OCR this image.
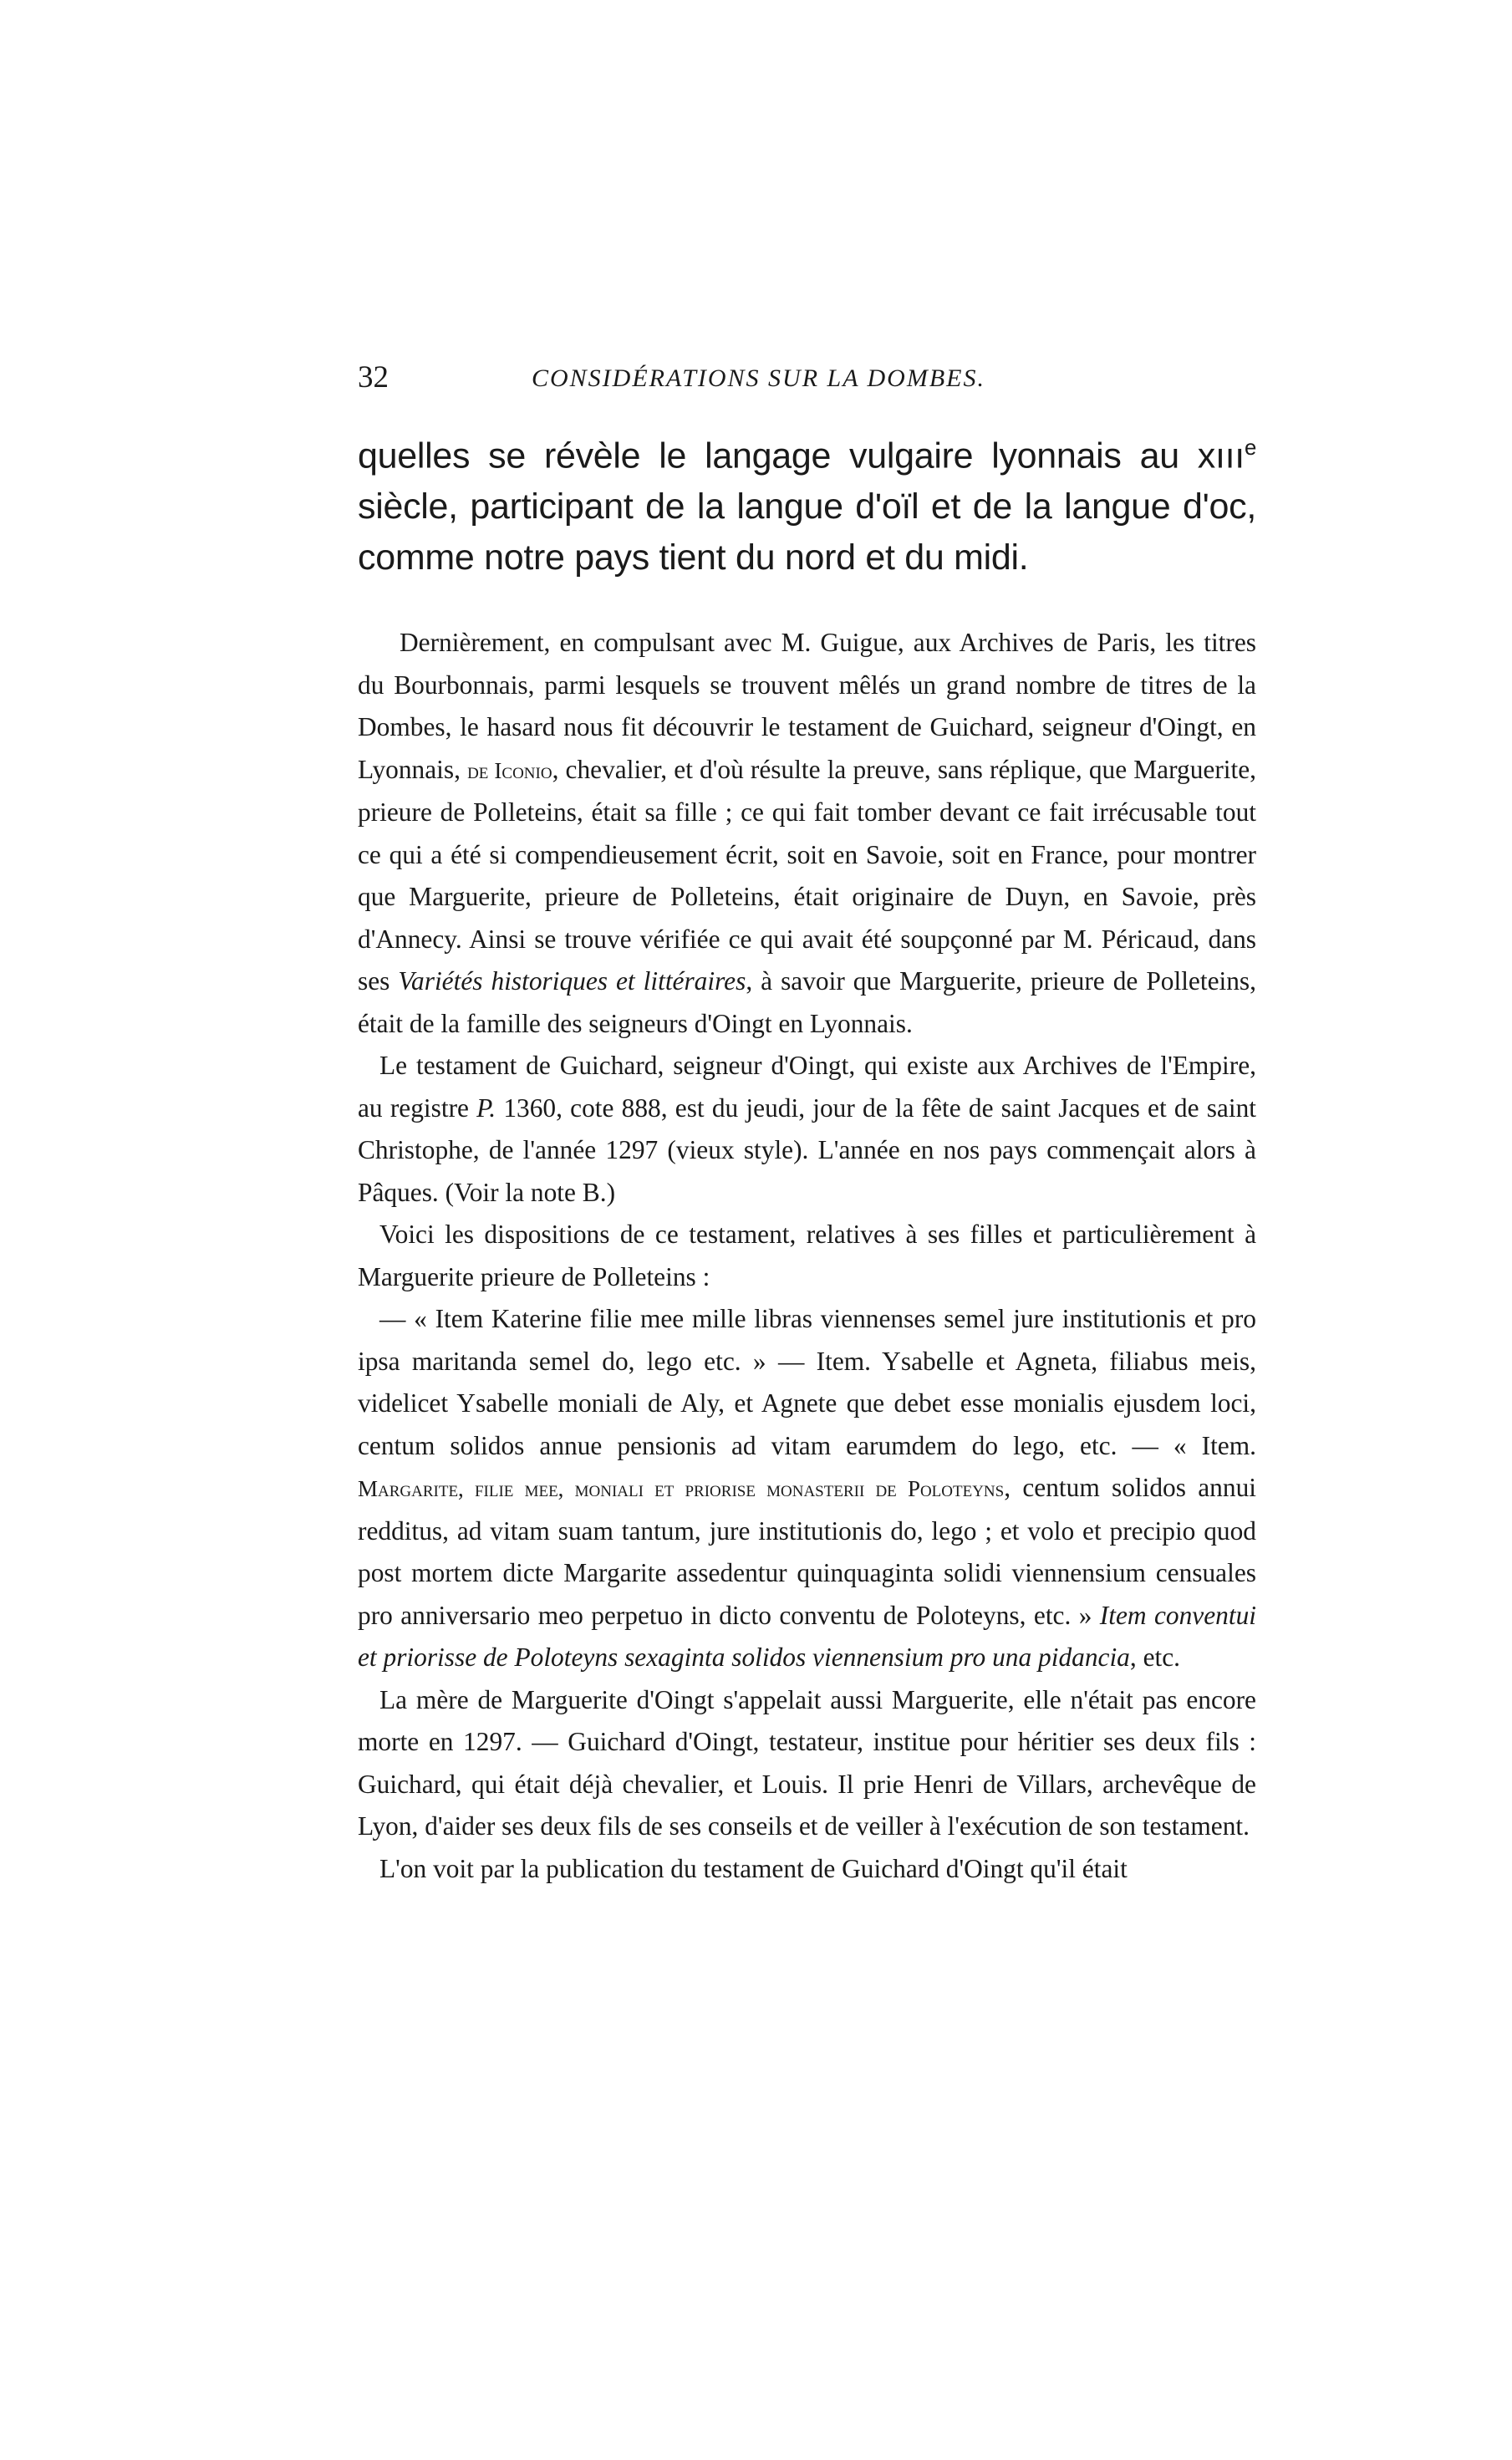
32	CONSIDÉRATIONS SUR LA DOMBES.
quelles se révèle le langage vulgaire lyonnais au xııı$^e$ siècle, participant de la langue d'oïl et de la langue d'oc, comme notre pays tient du nord et du midi.

Dernièrement, en compulsant avec M. Guigue, aux Archives de Paris, les titres du Bourbonnais, parmi lesquels se trouvent mêlés un grand nombre de titres de la Dombes, le hasard nous fit découvrir le testament de Guichard, seigneur d'Oingt, en Lyonnais, de Iconio, chevalier, et d'où résulte la preuve, sans réplique, que Marguerite, prieure de Polleteins, était sa fille ; ce qui fait tomber devant ce fait irrécusable tout ce qui a été si compendieusement écrit, soit en Savoie, soit en France, pour montrer que Marguerite, prieure de Polleteins, était originaire de Duyn, en Savoie, près d'Annecy. Ainsi se trouve vérifiée ce qui avait été soupçonné par M. Péricaud, dans ses Variétés historiques et littéraires, à savoir que Marguerite, prieure de Polleteins, était de la famille des seigneurs d'Oingt en Lyonnais.

Le testament de Guichard, seigneur d'Oingt, qui existe aux Archives de l'Empire, au registre P. 1360, cote 888, est du jeudi, jour de la fête de saint Jacques et de saint Christophe, de l'année 1297 (vieux style). L'année en nos pays commençait alors à Pâques. (Voir la note B.)

Voici les dispositions de ce testament, relatives à ses filles et particulièrement à Marguerite prieure de Polleteins :

— « Item Katerine filie mee mille libras viennenses semel jure institutionis et pro ipsa maritanda semel do, lego etc. » — Item. Ysabelle et Agneta, filiabus meis, videlicet Ysabelle moniali de Aly, et Agnete que debet esse monialis ejusdem loci, centum solidos annue pensionis ad vitam earumdem do lego, etc. — « Item. Margarite, filie mee, moniali et priorise monasterii de Poloteyns, centum solidos annui redditus, ad vitam suam tantum, jure institutionis do, lego ; et volo et precipio quod post mortem dicte Margarite assedentur quinquaginta solidi viennensium censuales pro anniversario meo perpetuo in dicto conventu de Poloteyns, etc. » Item conventui et priorisse de Poloteyns sexaginta solidos viennensium pro una pidancia, etc.

La mère de Marguerite d'Oingt s'appelait aussi Marguerite, elle n'était pas encore morte en 1297. — Guichard d'Oingt, testateur, institue pour héritier ses deux fils : Guichard, qui était déjà chevalier, et Louis. Il prie Henri de Villars, archevêque de Lyon, d'aider ses deux fils de ses conseils et de veiller à l'exécution de son testament.

L'on voit par la publication du testament de Guichard d'Oingt qu'il était
